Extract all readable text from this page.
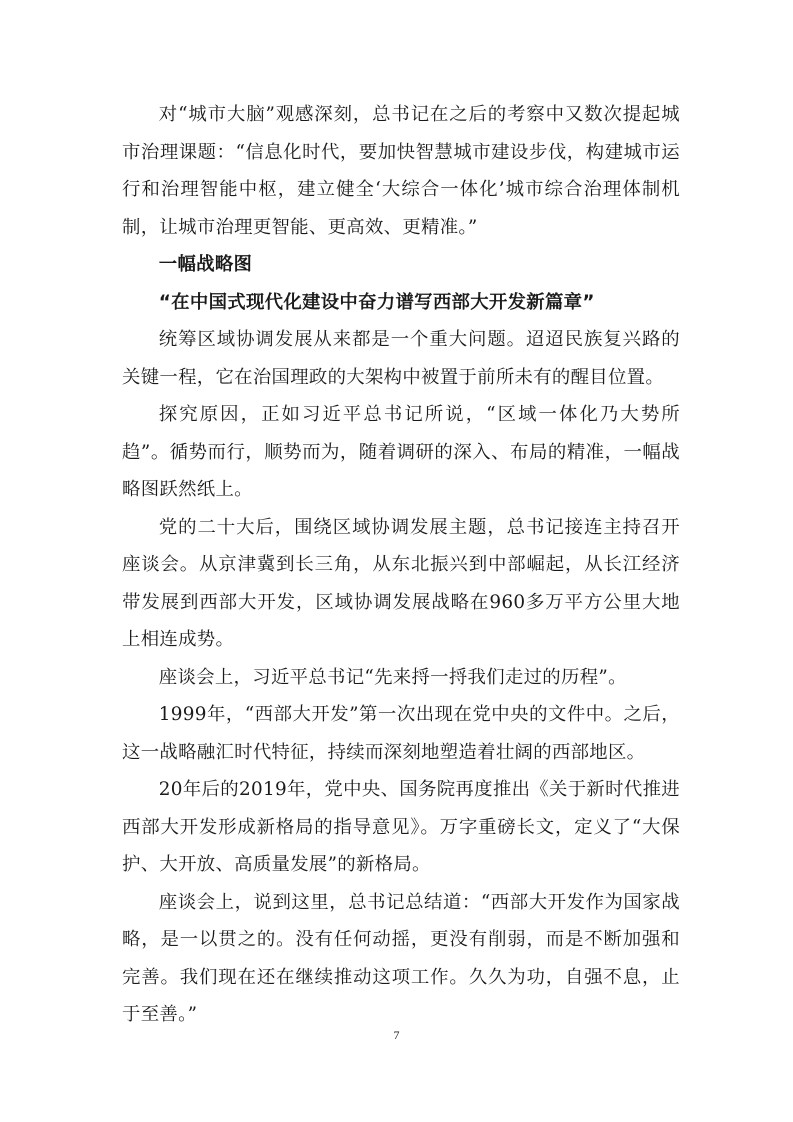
对“城市大脑”观感深刻，总书记在之后的考察中又数次提起城市治理课题：“信息化时代，要加快智慧城市建设步伐，构建城市运行和治理智能中枢，建立健全‘大综合一体化’城市综合治理体制机制，让城市治理更智能、更高效、更精准。”

一幅战略图

“在中国式现代化建设中奋力谱写西部大开发新篇章”

统筹区域协调发展从来都是一个重大问题。迢迢民族复兴路的关键一程，它在治国理政的大架构中被置于前所未有的醒目位置。

探究原因，正如习近平总书记所说，“区域一体化乃大势所趋”。循势而行，顺势而为，随着调研的深入、布局的精准，一幅战略图跃然纸上。

党的二十大后，围绕区域协调发展主题，总书记接连主持召开座谈会。从京津冀到长三角，从东北振兴到中部崛起，从长江经济带发展到西部大开发，区域协调发展战略在960多万平方公里大地上相连成势。

座谈会上，习近平总书记“先来捋一捋我们走过的历程”。

1999年，“西部大开发”第一次出现在党中央的文件中。之后，这一战略融汇时代特征，持续而深刻地塑造着壮阔的西部地区。

20年后的2019年，党中央、国务院再度推出《关于新时代推进西部大开发形成新格局的指导意见》。万字重磅长文，定义了“大保护、大开放、高质量发展”的新格局。

座谈会上，说到这里，总书记总结道：“西部大开发作为国家战略，是一以贯之的。没有任何动摇，更没有削弱，而是不断加强和完善。我们现在还在继续推动这项工作。久久为功，自强不息，止于至善。”

7
